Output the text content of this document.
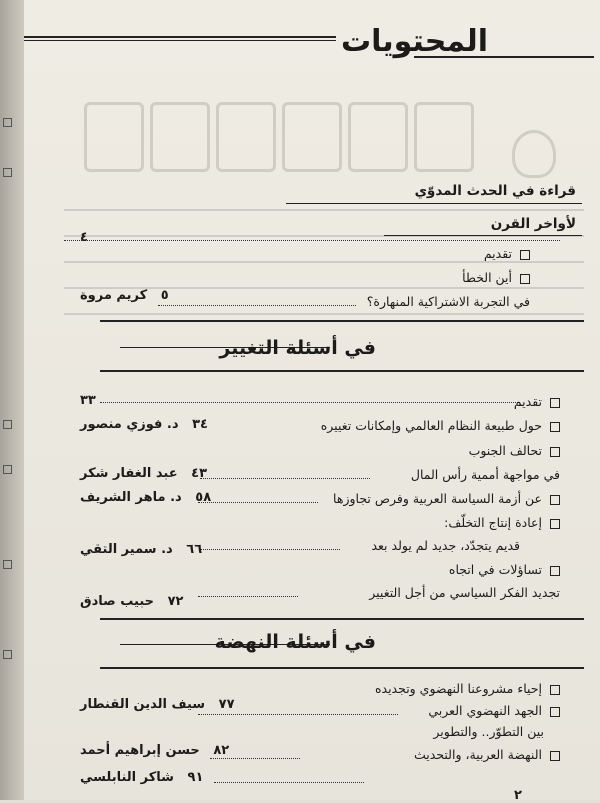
المحتويات
قراءة في الحدث المدوّي
لأواخر القرن
٤
تقديم
أين الخطأ
في التجربة الاشتراكية المنهارة؟
٥   كريم مروة
في أسئلة التغيير
تقديم
٣٣
حول طبيعة النظام العالمي وإمكانات تغييره
٣٤   د. فوزي منصور
تحالف الجنوب
في مواجهة أممية رأس المال
٤٣   عبد الغفار شكر
عن أزمة السياسة العربية وفرص تجاوزها
٥٨   د. ماهر الشريف
إعادة إنتاج التخلّف:
قديم يتجدّد، جديد لم يولد بعد
٦٦   د. سمير التقي
تساؤلات في اتجاه
تجديد الفكر السياسي من أجل التغيير
٧٢   حبيب صادق
في أسئلة النهضة
إحياء مشروعنا النهضوي وتجديده
الجهد النهضوي العربي
٧٧   سيف الدين القنطار
بين التطوّر.. والتطوير
النهضة العربية، والتحديث
٨٢   حسن إبراهيم أحمد
٩١   شاكر النابلسي
٢
